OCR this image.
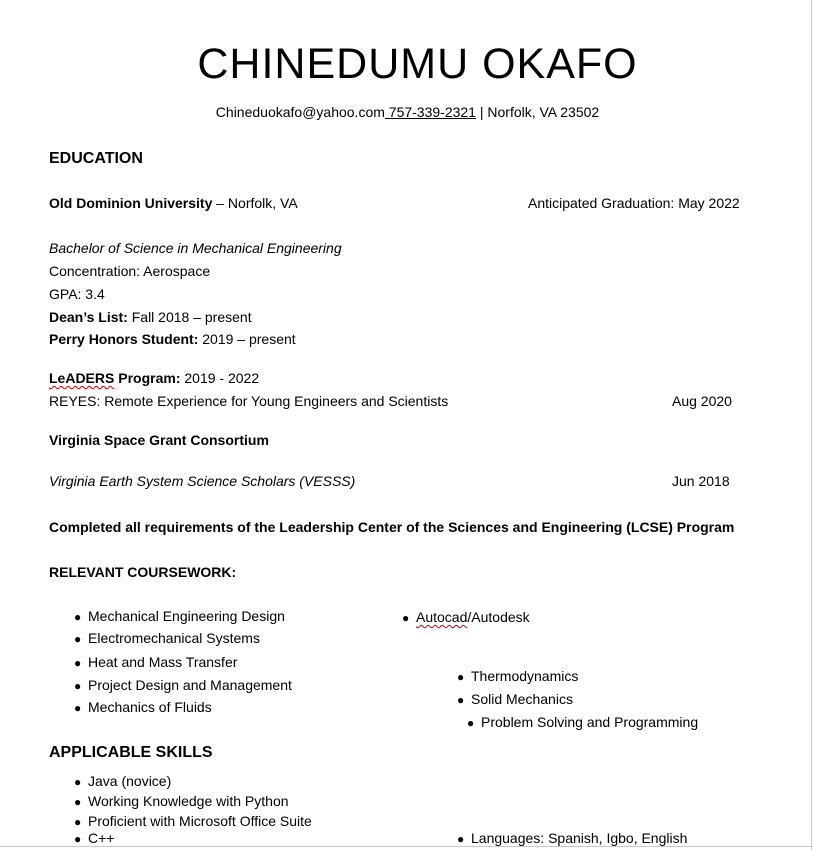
CHINEDUMU OKAFO
Chineduokafo@yahoo.com 757-339-2321 | Norfolk, VA 23502
EDUCATION
Old Dominion University – Norfolk, VA	Anticipated Graduation: May 2022
Bachelor of Science in Mechanical Engineering
Concentration: Aerospace
GPA: 3.4
Dean’s List: Fall 2018 – present
Perry Honors Student: 2019 – present
LeADERS Program: 2019 - 2022
REYES: Remote Experience for Young Engineers and Scientists	Aug 2020
Virginia Space Grant Consortium
Virginia Earth System Science Scholars (VESSS)	Jun 2018
Completed all requirements of the Leadership Center of the Sciences and Engineering (LCSE) Program
RELEVANT COURSEWORK:
● Mechanical Engineering Design
● Electromechanical Systems
● Heat and Mass Transfer
● Project Design and Management
● Mechanics of Fluids
● Autocad/Autodesk
● Thermodynamics
● Solid Mechanics
● Problem Solving and Programming
APPLICABLE SKILLS
● Java (novice)
● Working Knowledge with Python
● Proficient with Microsoft Office Suite
● C++	● Languages: Spanish, Igbo, English
